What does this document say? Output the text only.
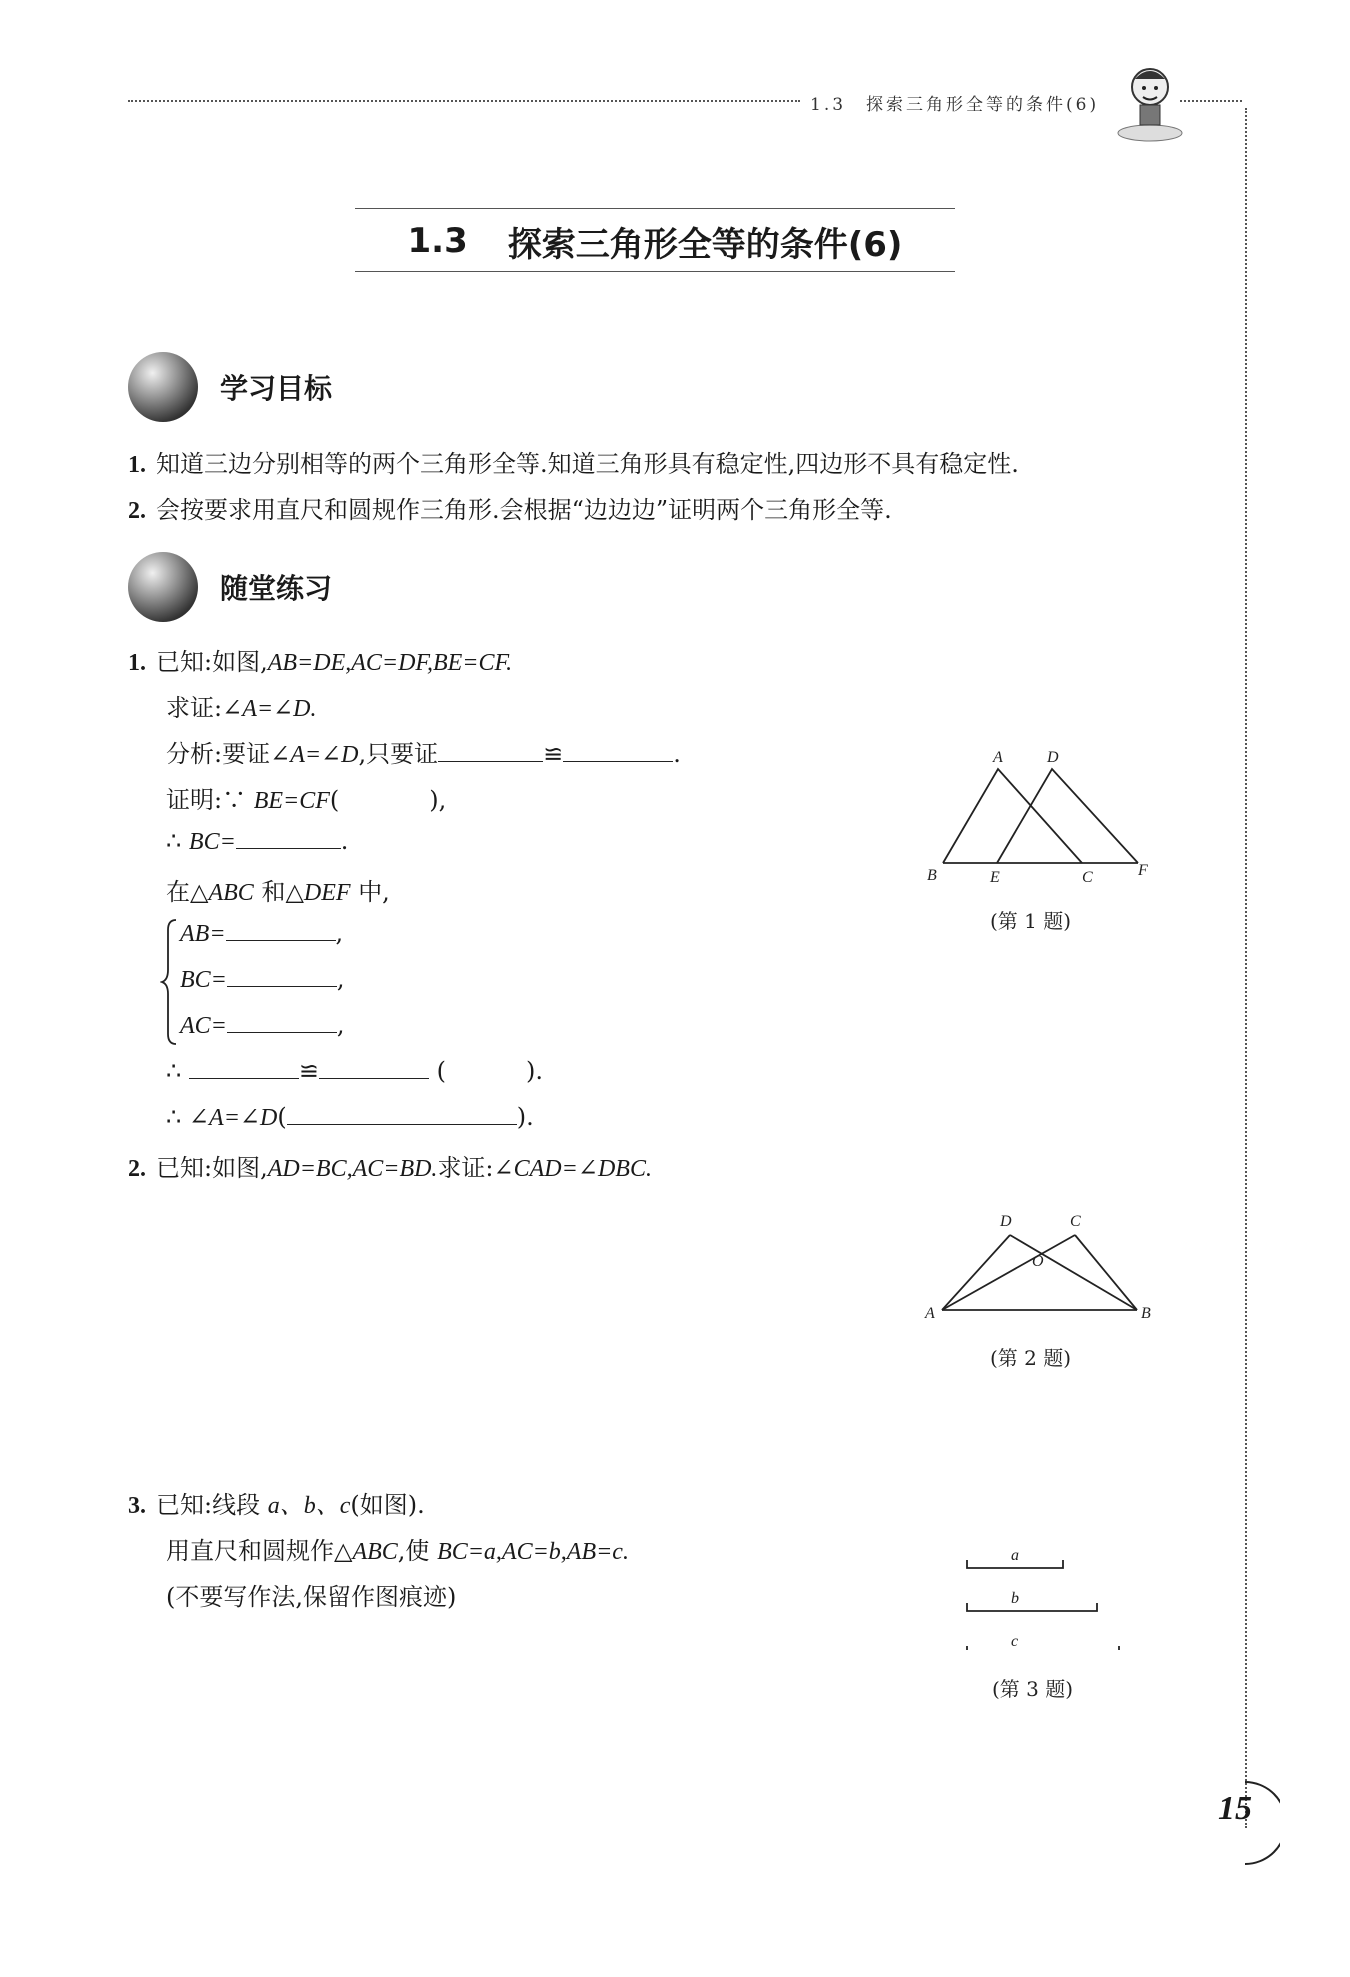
1.3　探索三角形全等的条件(6)
1.3 探索三角形全等的条件(6)
学习目标
1. 知道三边分别相等的两个三角形全等.知道三角形具有稳定性,四边形不具有稳定性.
2. 会按要求用直尺和圆规作三角形.会根据“边边边”证明两个三角形全等.
随堂练习
1. 已知:如图,AB=DE,AC=DF,BE=CF.
求证:∠A=∠D.
分析:要证∠A=∠D,只要证	≌	.
证明:∵ BE=CF(	),
∴ BC=	.
在△ABC 和△DEF 中,
AB=	,
BC=	,
AC=	,
∴	≌	(	).
∴ ∠A=∠D(	).
A	D
B	E	C	F
(第 1 题)
2. 已知:如图,AD=BC,AC=BD.求证:∠CAD=∠DBC.
D	C
O
A	B
(第 2 题)
3. 已知:线段 a、b、c(如图).
用直尺和圆规作△ABC,使 BC=a,AC=b,AB=c.
(不要写作法,保留作图痕迹)
a
b
c
(第 3 题)
15
